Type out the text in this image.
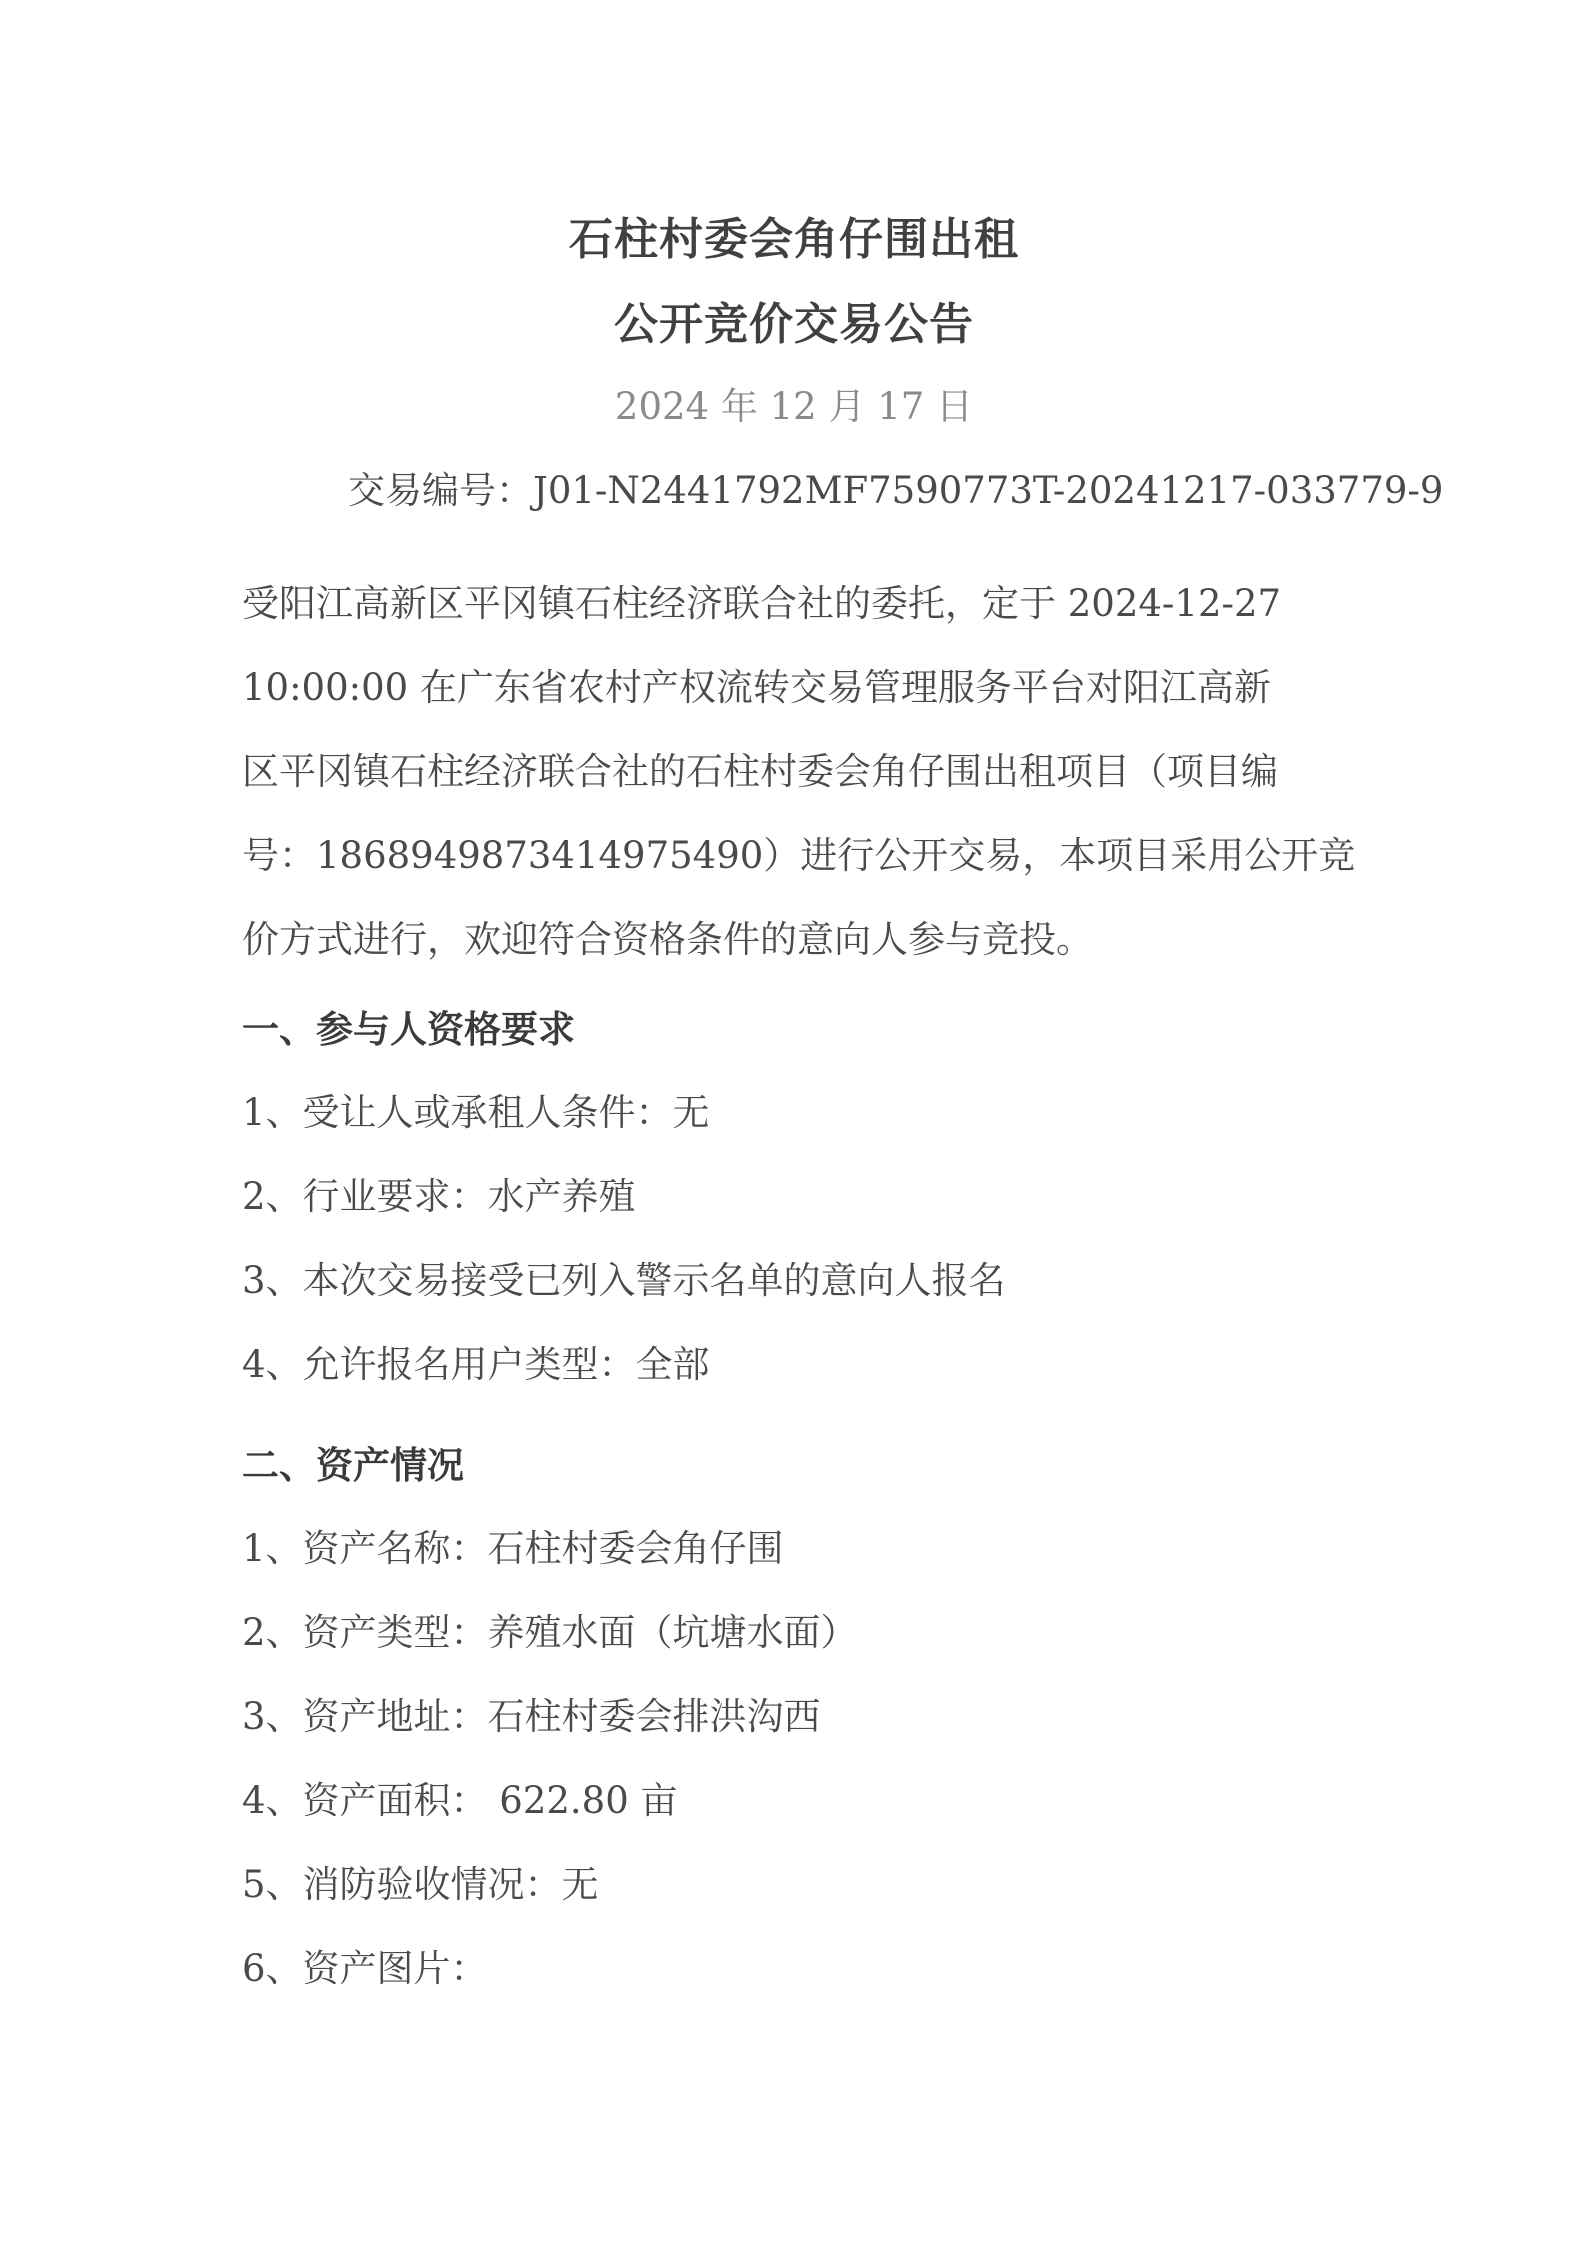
石柱村委会角仔围出租
公开竞价交易公告
2024 年 12 月 17 日
交易编号：J01-N2441792MF7590773T-20241217-033779-9

受阳江高新区平冈镇石柱经济联合社的委托，定于 2024-12-27

10:00:00 在广东省农村产权流转交易管理服务平台对阳江高新

区平冈镇石柱经济联合社的石柱村委会角仔围出租项目（项目编

号：1868949873414975490）进行公开交易，本项目采用公开竞

价方式进行，欢迎符合资格条件的意向人参与竞投。

一、参与人资格要求

1、受让人或承租人条件：无

2、行业要求：水产养殖

3、本次交易接受已列入警示名单的意向人报名

4、允许报名用户类型：全部

二、资产情况

1、资产名称：石柱村委会角仔围

2、资产类型：养殖水面（坑塘水面）

3、资产地址：石柱村委会排洪沟西

4、资产面积： 622.80 亩

5、消防验收情况：无

6、资产图片：
